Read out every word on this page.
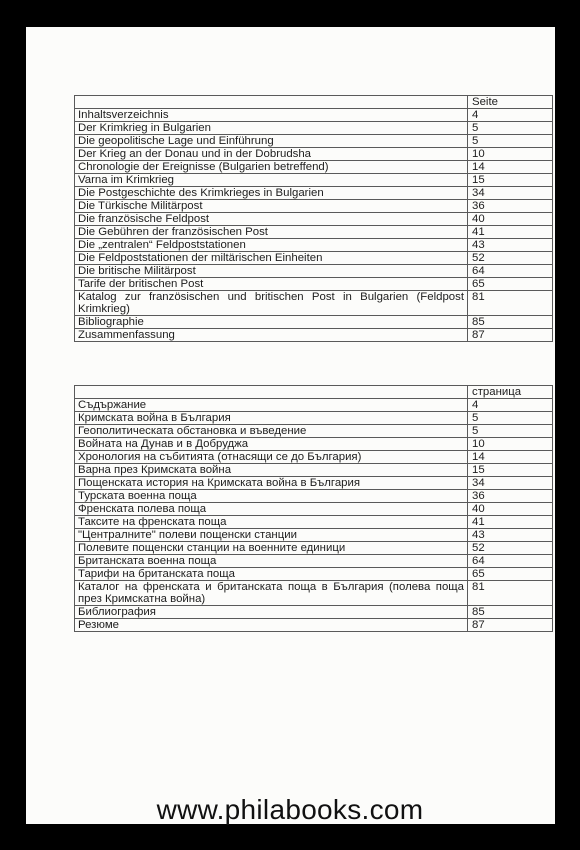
	Seite
Inhaltsverzeichnis	4
Der Krimkrieg in Bulgarien	5
Die geopolitische Lage und Einführung	5
Der Krieg an der Donau und in der Dobrudsha	10
Chronologie der Ereignisse (Bulgarien betreffend)	14
Varna im Krimkrieg	15
Die Postgeschichte des Krimkrieges in Bulgarien	34
Die Türkische Militärpost	36
Die französische Feldpost	40
Die Gebühren der französischen Post	41
Die „zentralen“ Feldpoststationen	43
Die Feldpoststationen der miltärischen Einheiten	52
Die britische Militärpost	64
Tarife der britischen Post	65
Katalog zur französischen und britischen Post in Bulgarien (Feldpost Krimkrieg)	81
Bibliographie	85
Zusammenfassung	87
	страница
Съдържание	4
Кримската война в България	5
Геополитическата обстановка и въведение	5
Войната на Дунав и в Добруджа	10
Хронология на събитията (отнасящи се до България)	14
Варна през Кримската война	15
Пощенската история на Кримската война в България	34
Турската военна поща	36
Френската полева поща	40
Таксите на френската поща	41
"Централните" полеви пощенски станции	43
Полевите пощенски станции на военните единици	52
Британската военна поща	64
Тарифи на британската поща	65
Каталог на френската и британската поща в България (полева поща през Кримскатна война)	81
Библиография	85
Резюме	87
www.philabooks.com
